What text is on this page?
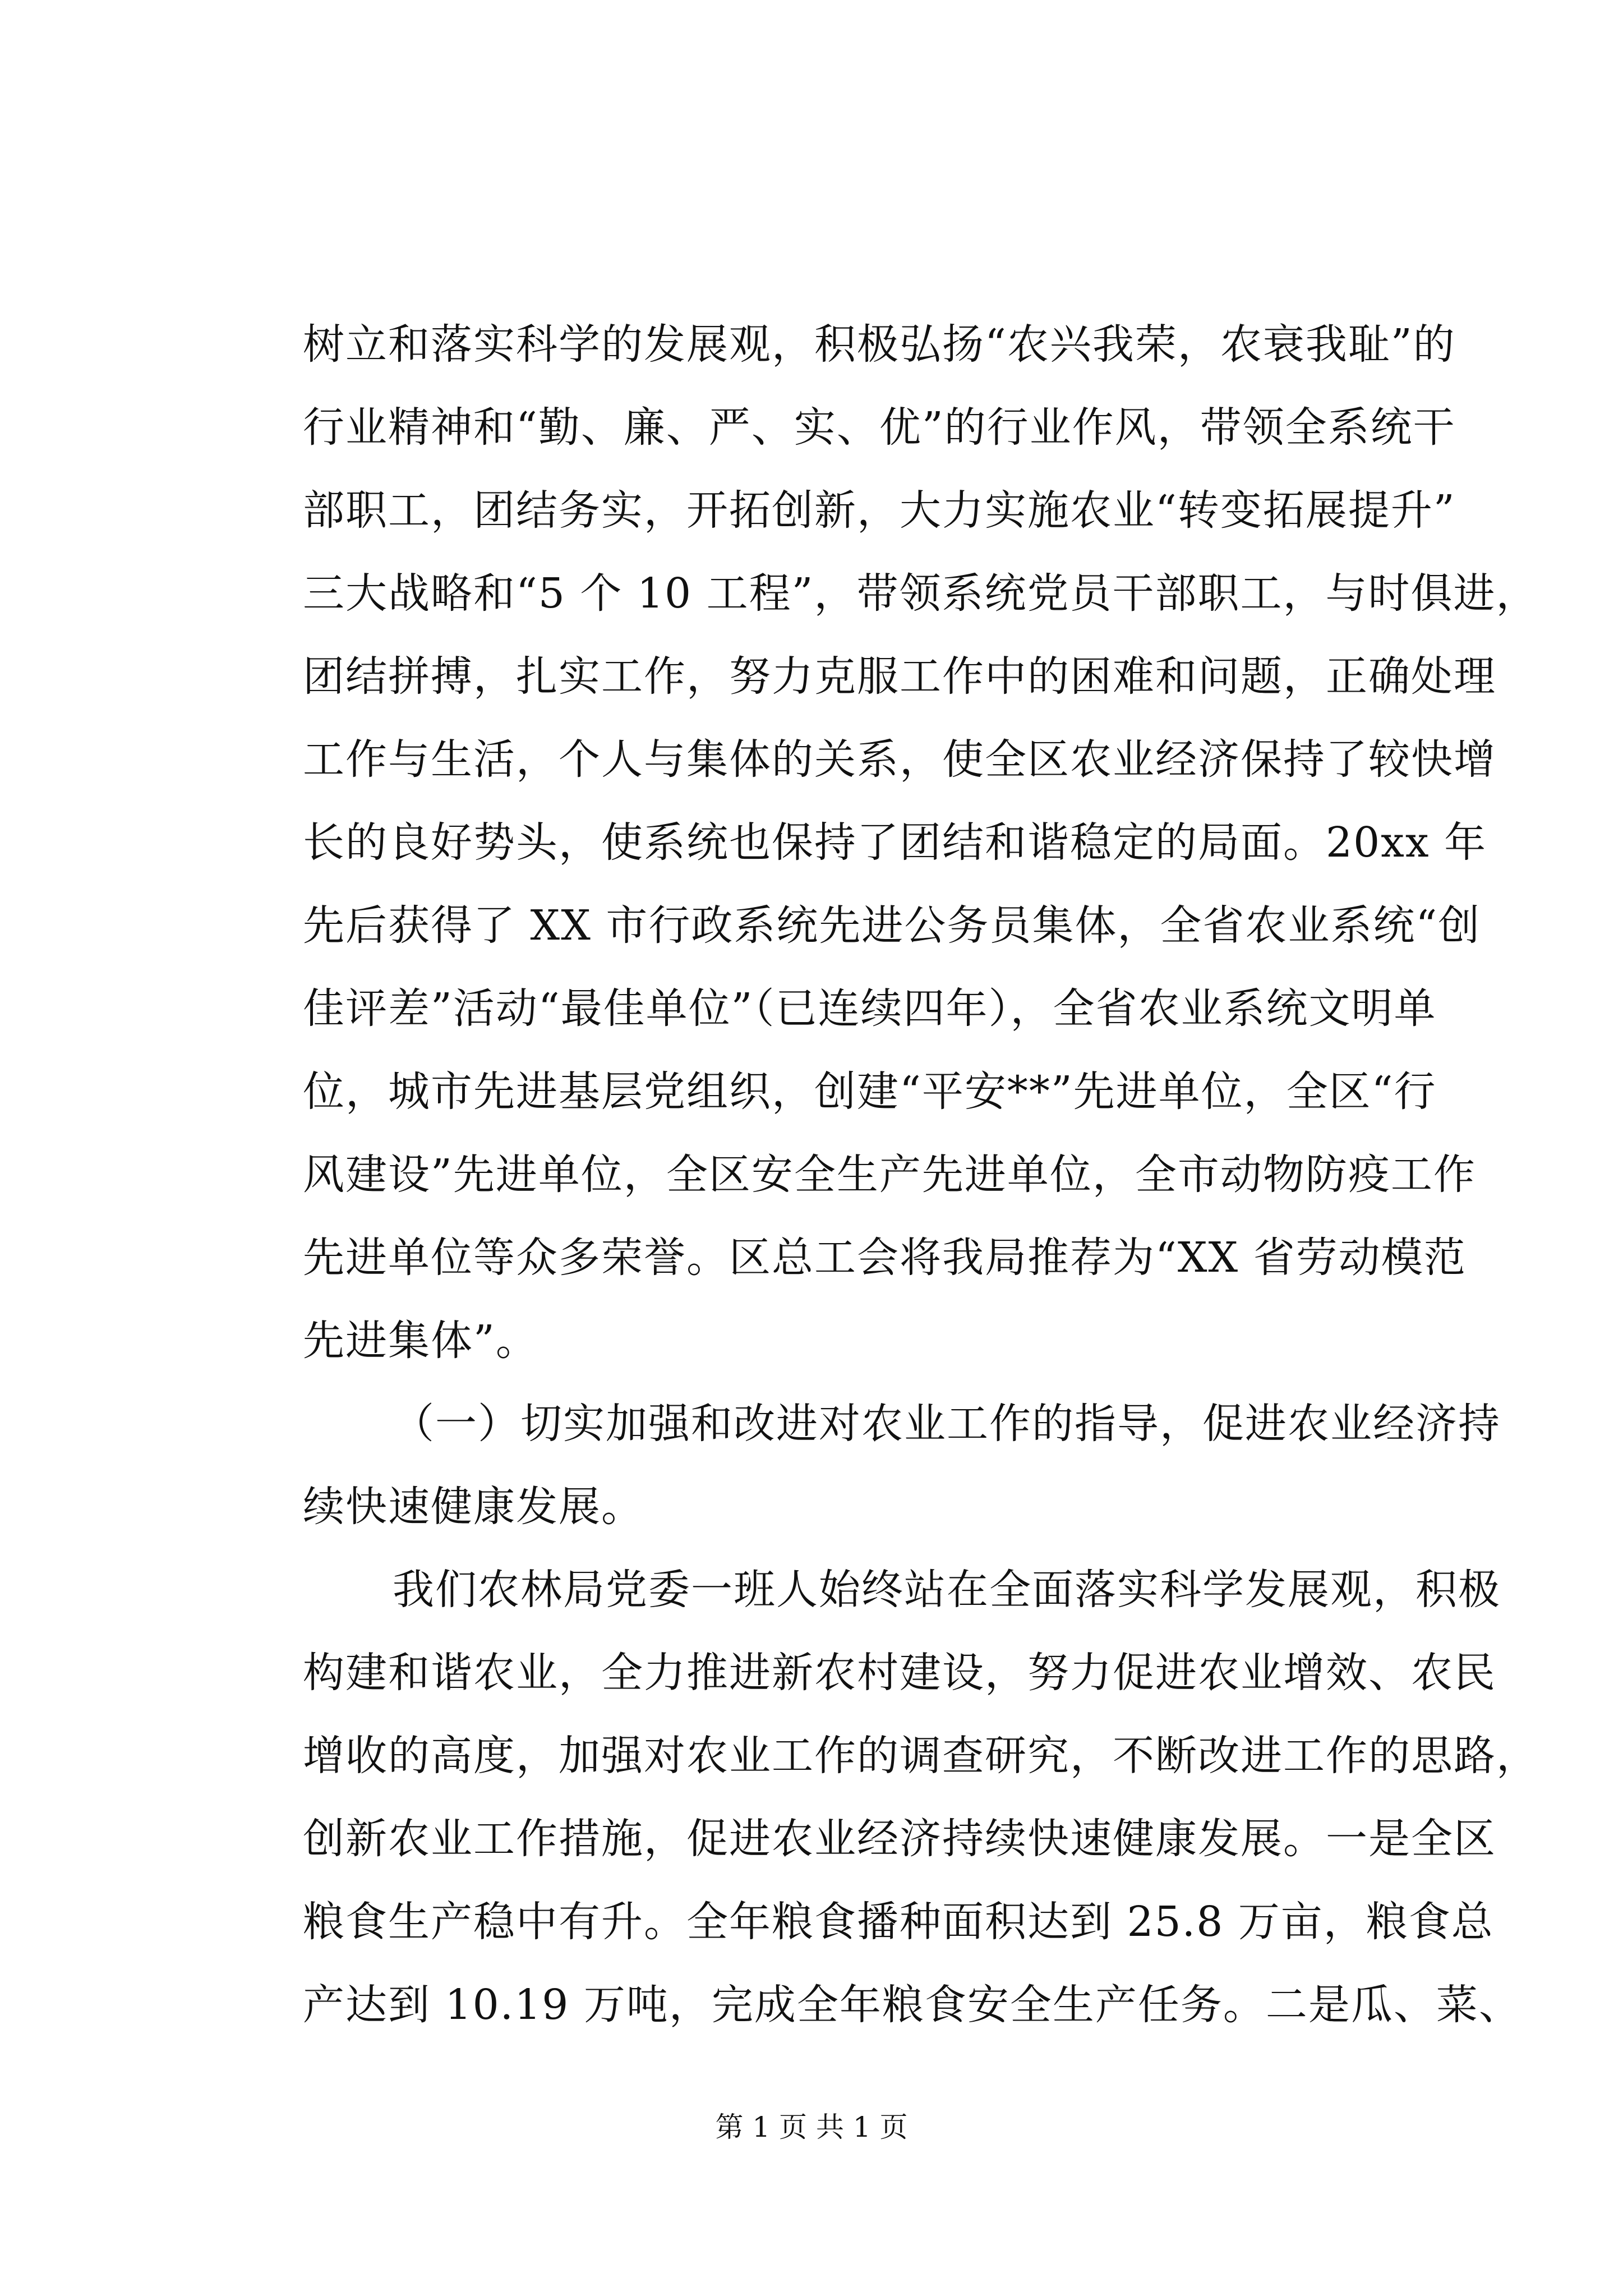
树立和落实科学的发展观，积极弘扬“农兴我荣，农衰我耻”的
行业精神和“勤、廉、严、实、优”的行业作风，带领全系统干
部职工，团结务实，开拓创新，大力实施农业“转变拓展提升”
三大战略和“5 个 10 工程”，带领系统党员干部职工，与时俱进，
团结拼搏，扎实工作，努力克服工作中的困难和问题，正确处理
工作与生活，个人与集体的关系，使全区农业经济保持了较快增
长的良好势头，使系统也保持了团结和谐稳定的局面。20xx 年
先后获得了 XX 市行政系统先进公务员集体，全省农业系统“创
佳评差”活动“最佳单位”（已连续四年），全省农业系统文明单
位，城市先进基层党组织，创建“平安**”先进单位，全区“行
风建设”先进单位，全区安全生产先进单位，全市动物防疫工作
先进单位等众多荣誉。区总工会将我局推荐为“XX 省劳动模范
先进集体”。
（一）切实加强和改进对农业工作的指导，促进农业经济持
续快速健康发展。
我们农林局党委一班人始终站在全面落实科学发展观，积极
构建和谐农业，全力推进新农村建设，努力促进农业增效、农民
增收的高度，加强对农业工作的调查研究，不断改进工作的思路，
创新农业工作措施，促进农业经济持续快速健康发展。一是全区
粮食生产稳中有升。全年粮食播种面积达到 25.8 万亩，粮食总
产达到 10.19 万吨，完成全年粮食安全生产任务。二是瓜、菜、
第 1 页 共 1 页
